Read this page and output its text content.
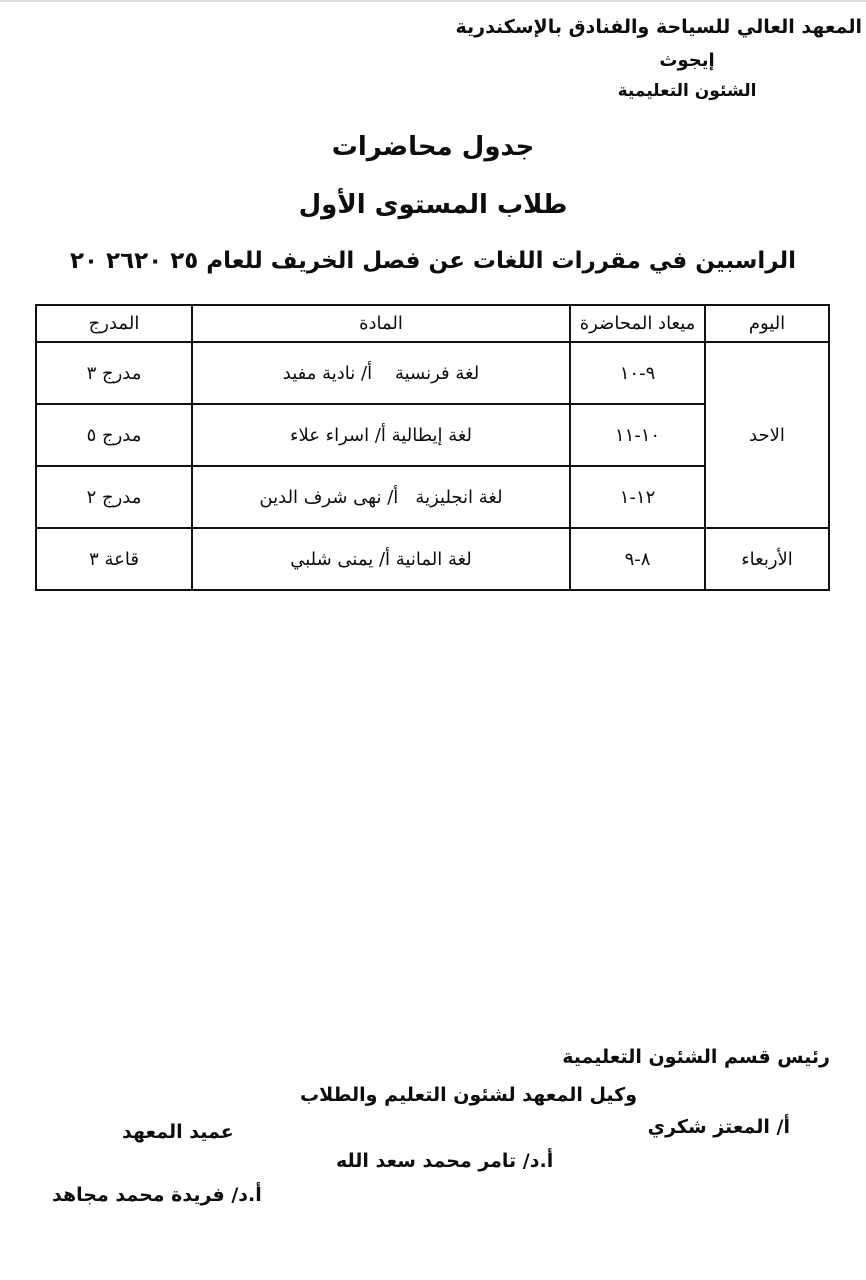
المعهد العالي للسياحة والفنادق بالإسكندرية
إيجوث
الشئون التعليمية
جدول محاضرات
طلاب المستوى الأول
الراسبين في مقررات اللغات عن فصل الخريف للعام ٢٥ ٢٦٢٠ ٢٠
اليوم	ميعاد المحاضرة	المادة	المدرج
الاحد	٩-١٠	لغة فرنسية    أ/ نادية مفيد	مدرج ٣
	١٠-١١	لغة إيطالية أ/ اسراء علاء	مدرج ٥
	١٢-١	لغة انجليزية   أ/ نهى شرف الدين	مدرج ٢
الأربعاء	٨-٩	لغة المانية أ/ يمنى شلبي	قاعة ٣
رئيس قسم الشئون التعليمية
وكيل المعهد لشئون التعليم والطلاب
أ/ المعتز شكري
عميد المعهد
أ.د/ تامر محمد سعد الله
أ.د/ فريدة محمد مجاهد
